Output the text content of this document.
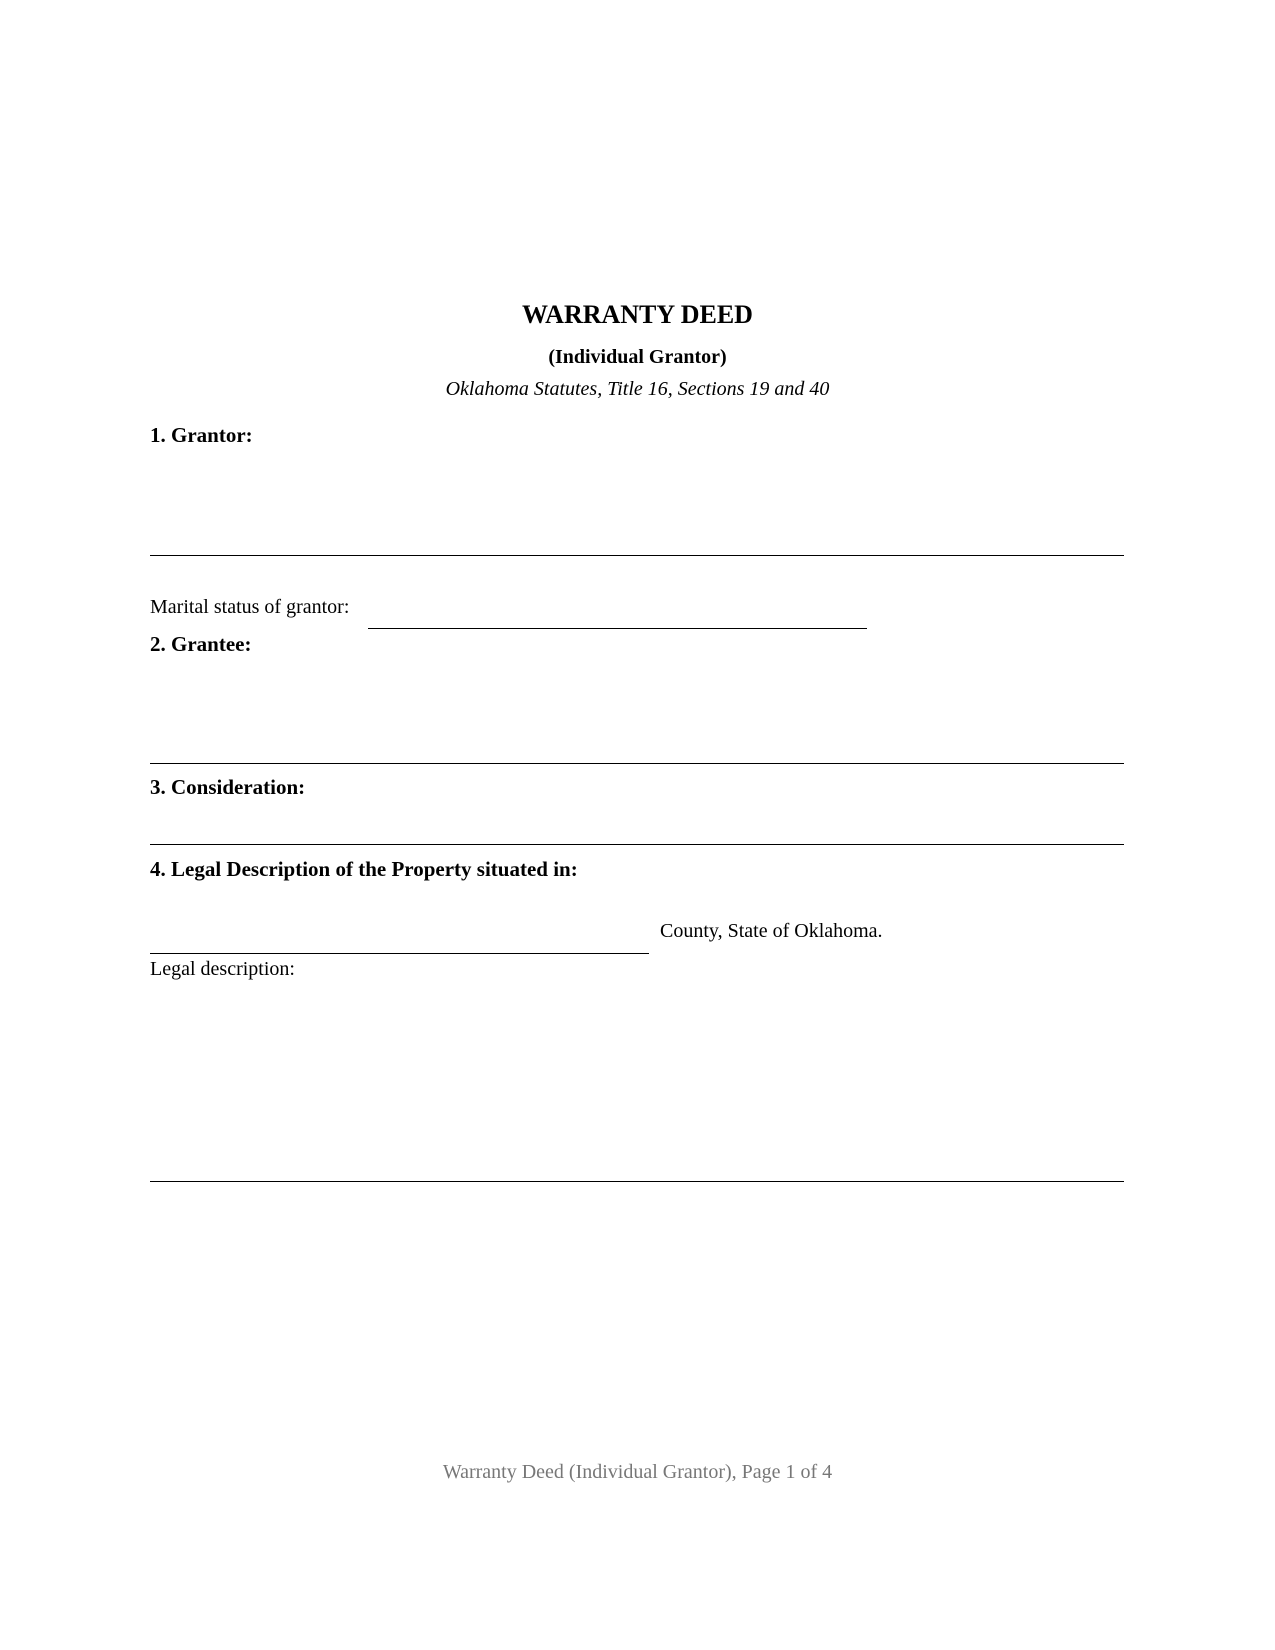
WARRANTY DEED
(Individual Grantor)
Oklahoma Statutes, Title 16, Sections 19 and 40
1. Grantor:
Marital status of grantor:
2. Grantee:
3. Consideration:
4. Legal Description of the Property situated in:
County, State of Oklahoma.
Legal description:
Warranty Deed (Individual Grantor), Page 1 of 4
